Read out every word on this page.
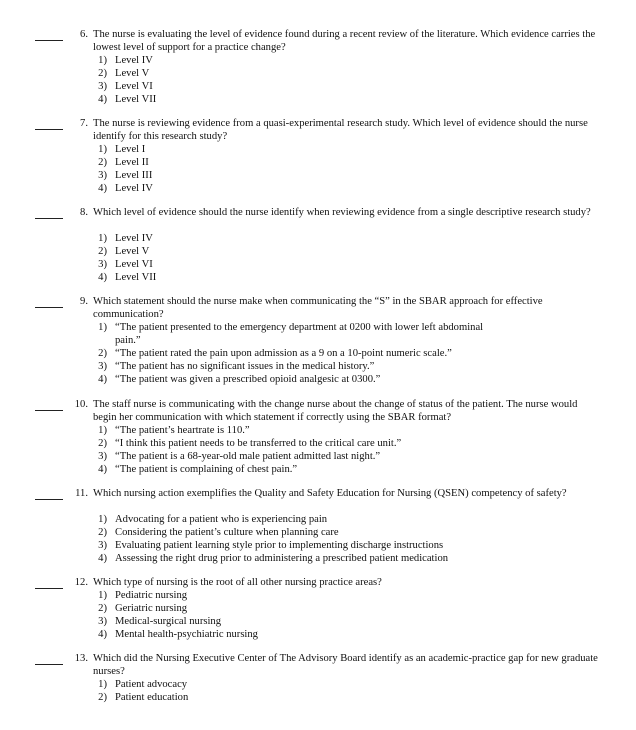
6. The nurse is evaluating the level of evidence found during a recent review of the literature. Which evidence carries the lowest level of support for a practice change?
1) Level IV
2) Level V
3) Level VI
4) Level VII
7. The nurse is reviewing evidence from a quasi-experimental research study. Which level of evidence should the nurse identify for this research study?
1) Level I
2) Level II
3) Level III
4) Level IV
8. Which level of evidence should the nurse identify when reviewing evidence from a single descriptive research study?
1) Level IV
2) Level V
3) Level VI
4) Level VII
9. Which statement should the nurse make when communicating the “S” in the SBAR approach for effective communication?
1) “The patient presented to the emergency department at 0200 with lower left abdominal pain.”
2) “The patient rated the pain upon admission as a 9 on a 10-point numeric scale.”
3) “The patient has no significant issues in the medical history.”
4) “The patient was given a prescribed opioid analgesic at 0300.”
10. The staff nurse is communicating with the change nurse about the change of status of the patient. The nurse would begin her communication with which statement if correctly using the SBAR format?
1) “The patient’s heartrate is 110.”
2) “I think this patient needs to be transferred to the critical care unit.”
3) “The patient is a 68-year-old male patient admitted last night.”
4) “The patient is complaining of chest pain.”
11. Which nursing action exemplifies the Quality and Safety Education for Nursing (QSEN) competency of safety?
1) Advocating for a patient who is experiencing pain
2) Considering the patient’s culture when planning care
3) Evaluating patient learning style prior to implementing discharge instructions
4) Assessing the right drug prior to administering a prescribed patient medication
12. Which type of nursing is the root of all other nursing practice areas?
1) Pediatric nursing
2) Geriatric nursing
3) Medical-surgical nursing
4) Mental health-psychiatric nursing
13. Which did the Nursing Executive Center of The Advisory Board identify as an academic-practice gap for new graduate nurses?
1) Patient advocacy
2) Patient education
